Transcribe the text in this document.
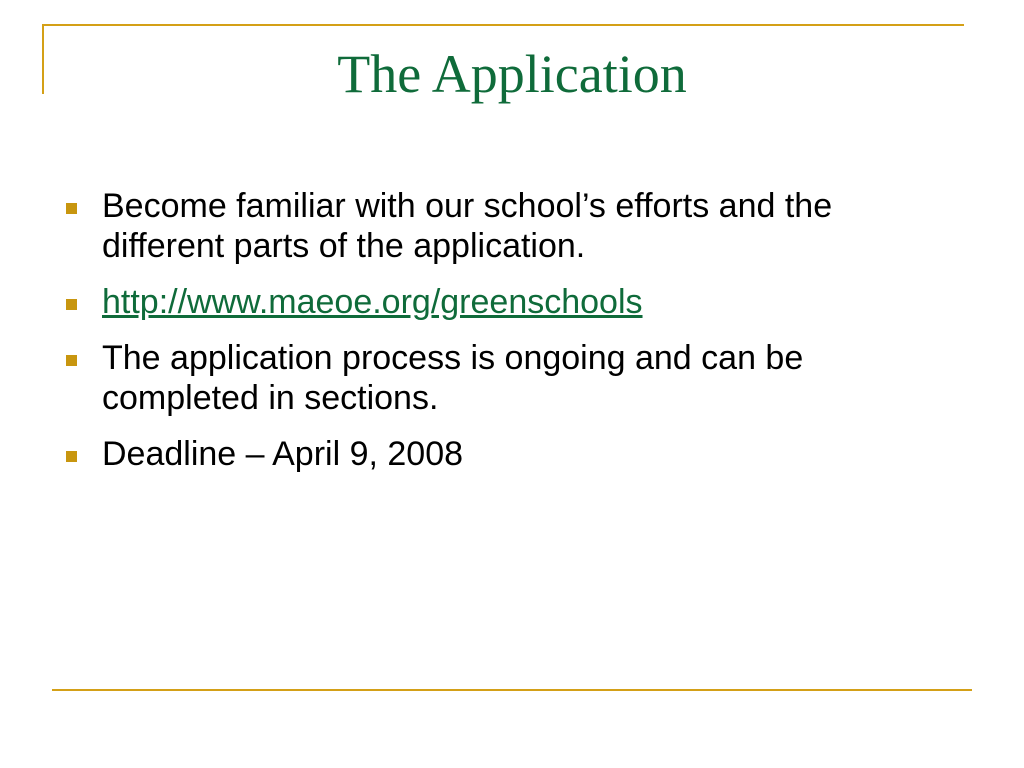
The Application
Become familiar with our school’s efforts and the different parts of the application.
http://www.maeoe.org/greenschools
The application process is ongoing and can be completed in sections.
Deadline – April 9, 2008
